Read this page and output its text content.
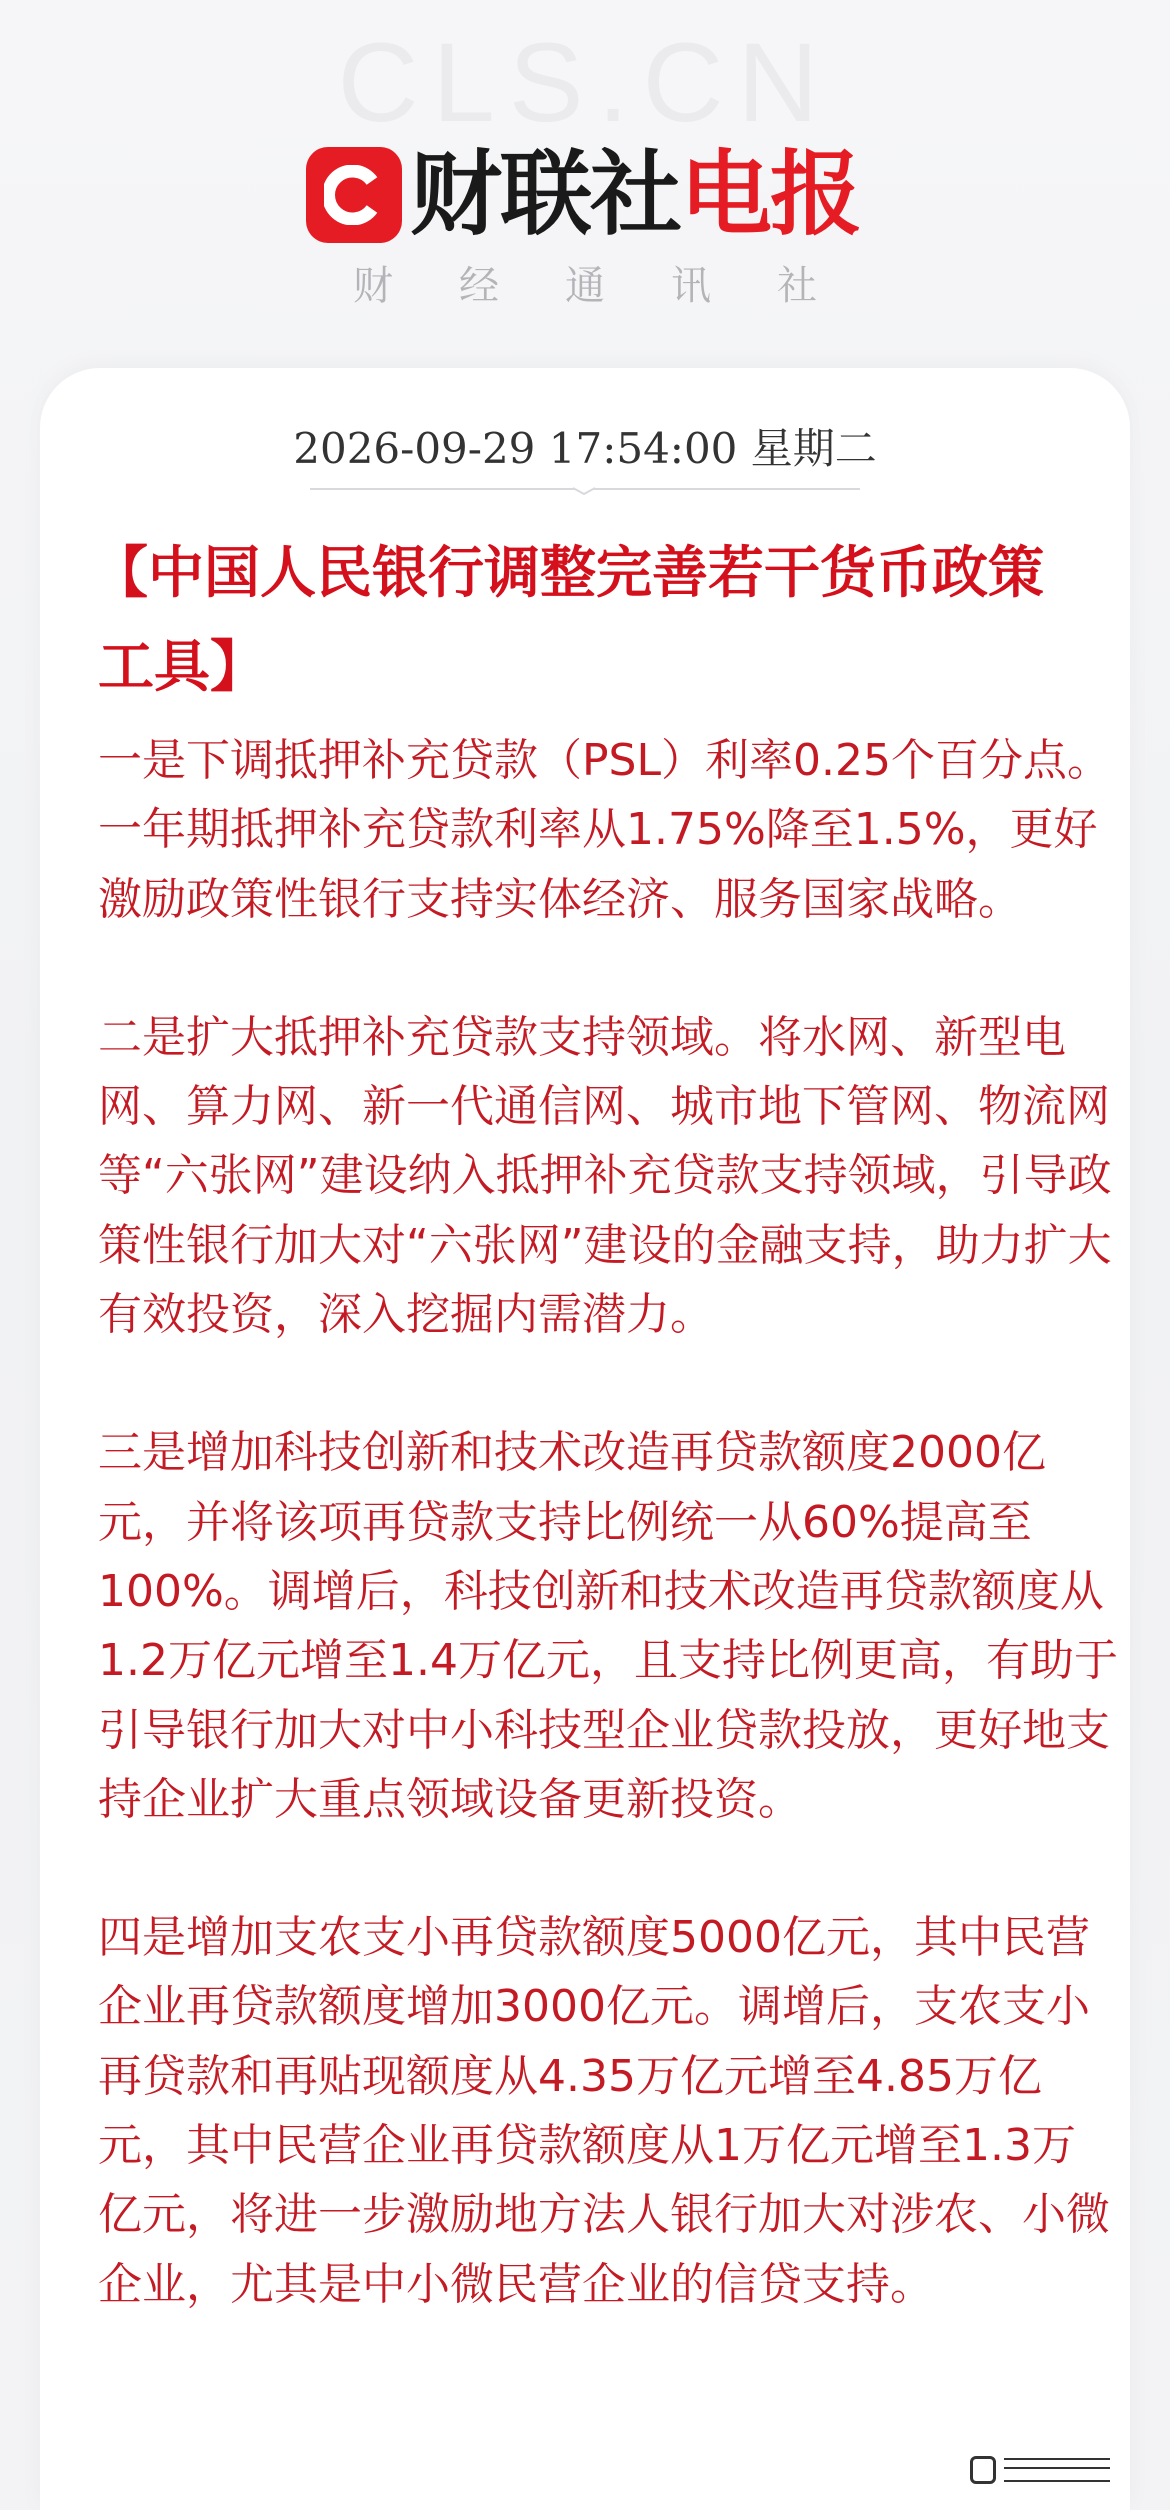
CLS.CN
财联社 电报
财经通讯社
2026-09-29 17:54:00 星期二
【中国人民银行调整完善若干货币政策工具】

一是下调抵押补充贷款（PSL）利率0.25个百分点。一年期抵押补充贷款利率从1.75%降至1.5%，更好激励政策性银行支持实体经济、服务国家战略。

二是扩大抵押补充贷款支持领域。将水网、新型电网、算力网、新一代通信网、城市地下管网、物流网等“六张网”建设纳入抵押补充贷款支持领域，引导政策性银行加大对“六张网”建设的金融支持，助力扩大有效投资，深入挖掘内需潜力。

三是增加科技创新和技术改造再贷款额度2000亿元，并将该项再贷款支持比例统一从60%提高至100%。调增后，科技创新和技术改造再贷款额度从1.2万亿元增至1.4万亿元，且支持比例更高，有助于引导银行加大对中小科技型企业贷款投放，更好地支持企业扩大重点领域设备更新投资。

四是增加支农支小再贷款额度5000亿元，其中民营企业再贷款额度增加3000亿元。调增后，支农支小再贷款和再贴现额度从4.35万亿元增至4.85万亿元，其中民营企业再贷款额度从1万亿元增至1.3万亿元，将进一步激励地方法人银行加大对涉农、小微企业，尤其是中小微民营企业的信贷支持。
